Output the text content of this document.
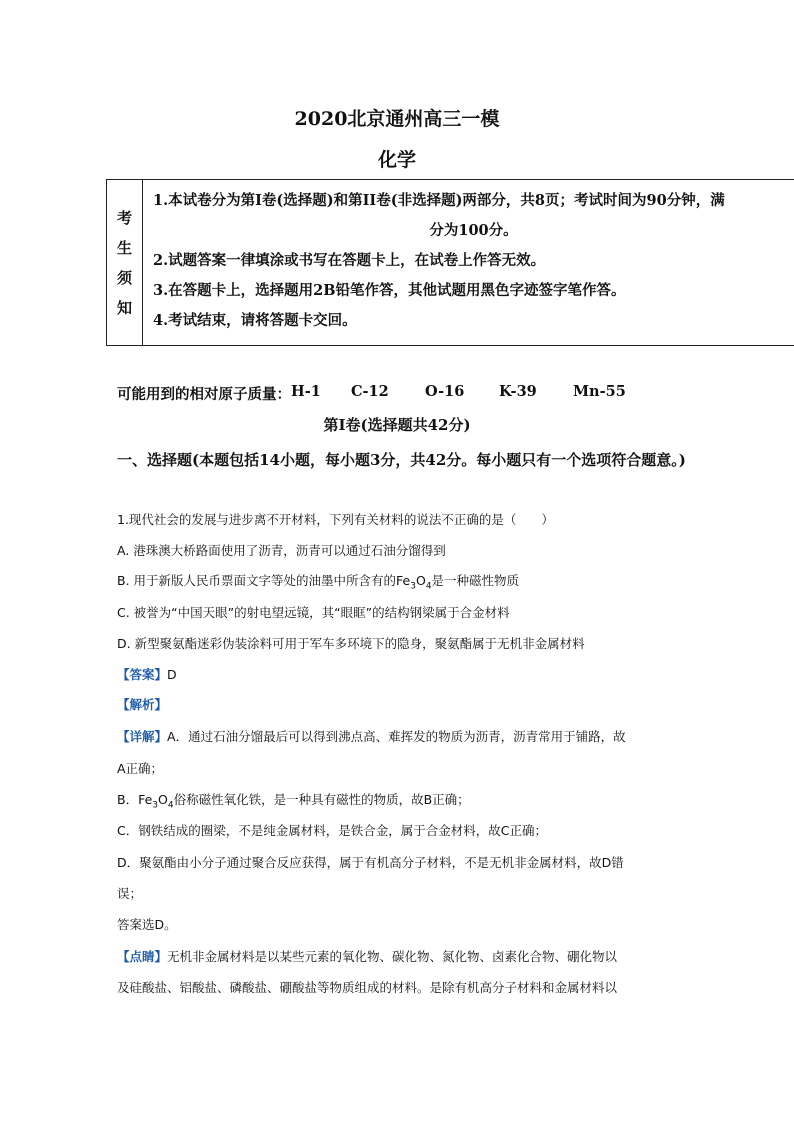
2020北京通州高三一模
化学
考
生
须
知
1.本试卷分为第I卷(选择题)和第II卷(非选择题)两部分，共8页；考试时间为90分钟，满
分为100分。
2.试题答案一律填涂或书写在答题卡上，在试卷上作答无效。
3.在答题卡上，选择题用2B铅笔作答，其他试题用黑色字迹签字笔作答。
4.考试结束，请将答题卡交回。
可能用到的相对原子质量： H-1	C-12	O-16	K-39	Mn-55
第I卷(选择题共42分)
一、选择题(本题包括14小题，每小题3分，共42分。每小题只有一个选项符合题意。)
1.现代社会的发展与进步离不开材料，下列有关材料的说法不正确的是（　　）
A. 港珠澳大桥路面使用了沥青，沥青可以通过石油分馏得到
B. 用于新版人民币票面文字等处的油墨中所含有的$Fe_3O_4$是一种磁性物质
C. 被誉为“中国天眼”的射电望远镜，其“眼眶”的结构钢梁属于合金材料
D. 新型聚氨酯迷彩伪装涂料可用于军车多环境下的隐身，聚氨酯属于无机非金属材料
【答案】D
【解析】
【详解】A．通过石油分馏最后可以得到沸点高、难挥发的物质为沥青，沥青常用于铺路，故
A正确；
B．$Fe_3O_4$俗称磁性氧化铁，是一种具有磁性的物质，故B正确；
C．钢铁结成的圈梁，不是纯金属材料，是铁合金，属于合金材料，故C正确；
D．聚氨酯由小分子通过聚合反应获得，属于有机高分子材料，不是无机非金属材料，故D错
误；
答案选D。
【点睛】无机非金属材料是以某些元素的氧化物、碳化物、氮化物、卤素化合物、硼化物以
及硅酸盐、铝酸盐、磷酸盐、硼酸盐等物质组成的材料。是除有机高分子材料和金属材料以
